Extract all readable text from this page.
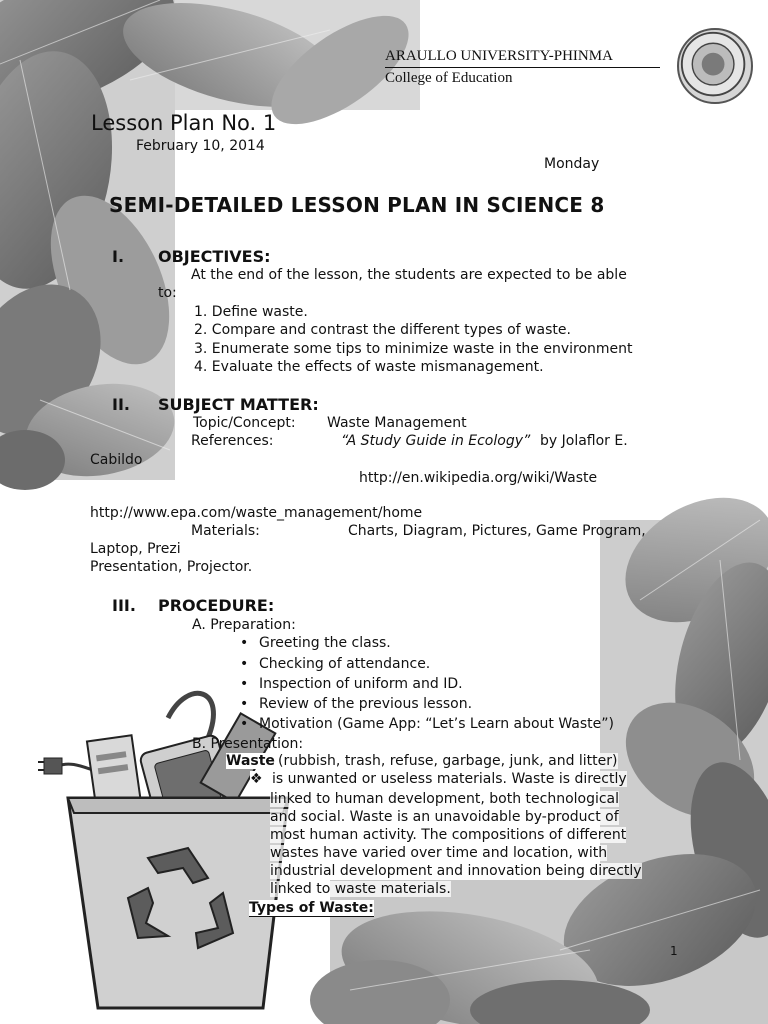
ARAULLO UNIVERSITY-PHINMA
College of Education
Lesson Plan No. 1
February 10, 2014
Monday
SEMI-DETAILED LESSON PLAN IN SCIENCE 8
I. OBJECTIVES:
At the end of the lesson, the students are expected to be able
to:
1. Define waste.
2. Compare and contrast the different types of waste.
3. Enumerate some tips to minimize waste in the environment
4. Evaluate the effects of waste mismanagement.
II. SUBJECT MATTER:
Topic/Concept: Waste Management
References:	“A Study Guide in Ecology” by Jolaflor E.
Cabildo
http://en.wikipedia.org/wiki/Waste
http://www.epa.com/waste_management/home
Materials:	Charts, Diagram, Pictures, Game Program,
Laptop, Prezi
Presentation, Projector.
III. PROCEDURE:
A. Preparation:
• Greeting the class.
• Checking of attendance.
• Inspection of uniform and ID.
• Review of the previous lesson.
• Motivation (Game App: “Let’s Learn about Waste”)
B. Presentation:
Waste (rubbish, trash, refuse, garbage, junk, and litter)
❖ is unwanted or useless materials. Waste is directly
linked to human development, both technological
and social. Waste is an unavoidable by-product of
most human activity. The compositions of different
wastes have varied over time and location, with
industrial development and innovation being directly
linked to waste materials.
Types of Waste:
1
